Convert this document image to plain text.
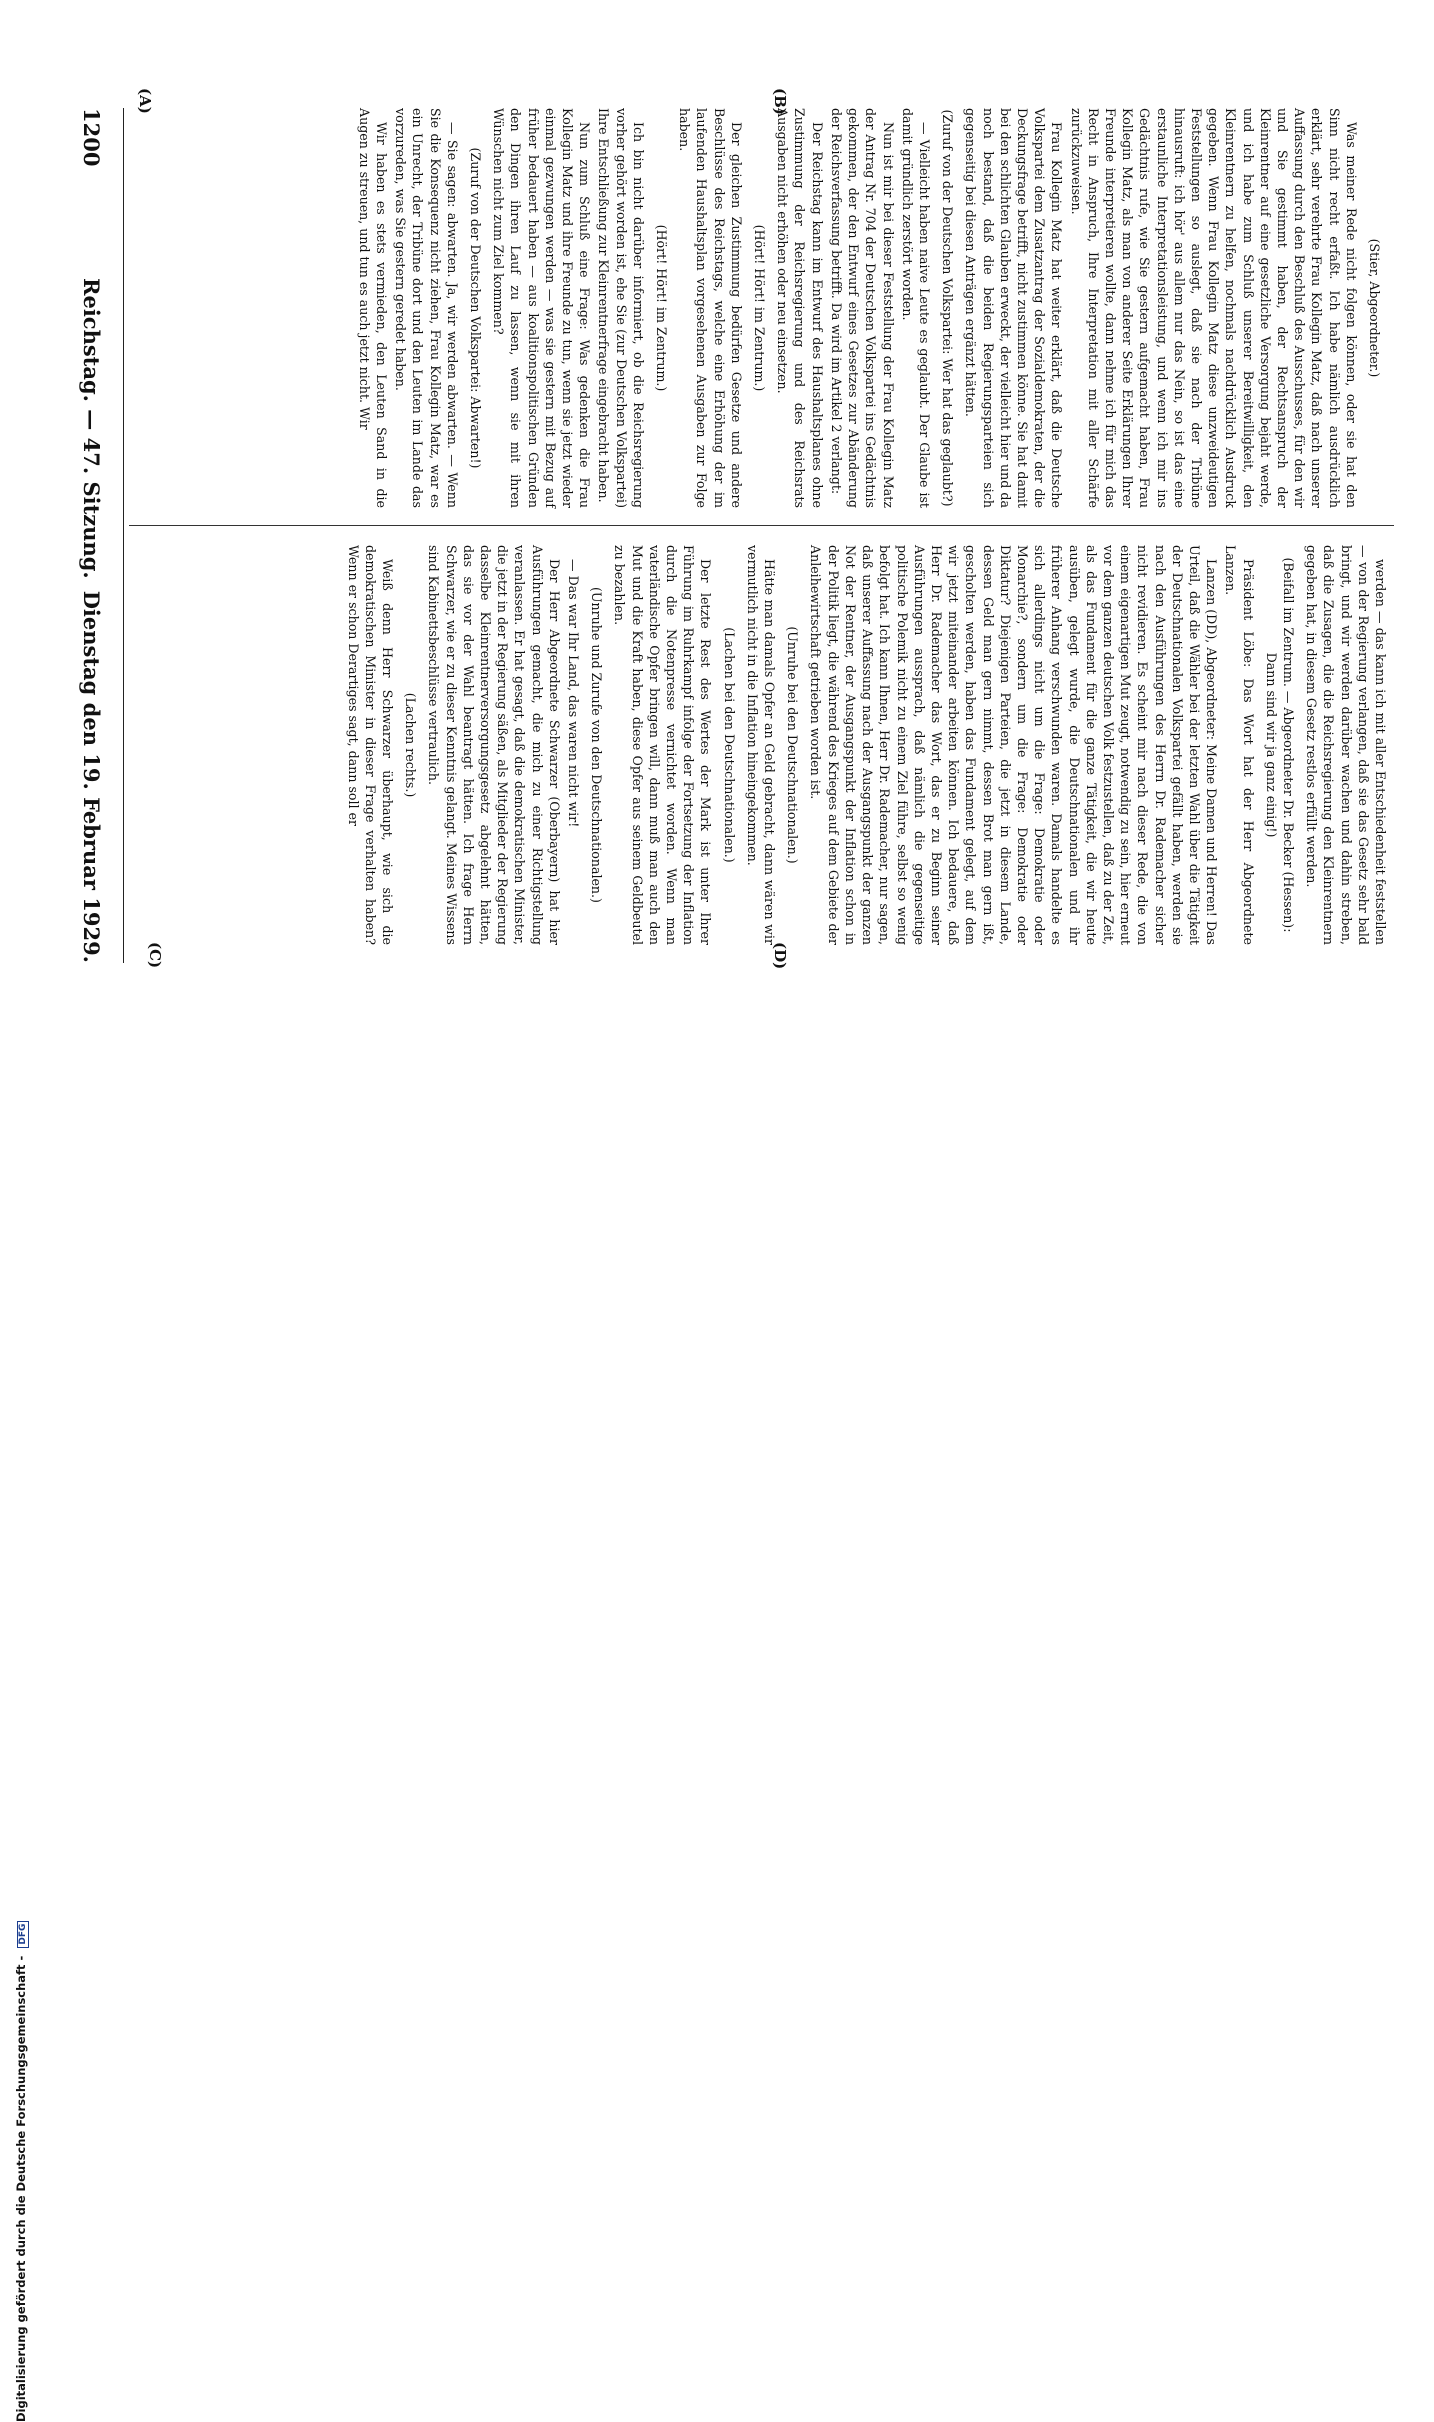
1200
Reichstag. — 47. Sitzung.
Dienstag den 19. Februar 1929.
(A)	(B)
(C)	(D)

(Stier, Abgeordneter.)

Was meiner Rede nicht folgen können, oder sie hat den Sinn nicht recht erfaßt. Ich habe nämlich ausdrücklich erklärt, sehr verehrte Frau Kollegin Matz, daß nach unserer Auffassung durch den Beschluß des Ausschusses, für den wir und Sie gestimmt haben, der Rechtsanspruch der Kleinrentner auf eine gesetzliche Versorgung bejaht werde, und ich habe zum Schluß unserer Bereitwilligkeit, den Kleinrentnern zu helfen, nochmals nachdrücklich Ausdruck gegeben. Wenn Frau Kollegin Matz diese unzweideutigen Feststellungen so auslegt, daß sie nach der Tribüne hinausruft: ich hör' aus allem nur das Nein, so ist das eine erstaunliche Interpretationsleistung, und wenn ich mir ins Gedächtnis rufe, wie Sie gestern aufgemacht haben, Frau Kollegin Matz, als man von anderer Seite Erklärungen Ihrer Freunde interpretieren wollte, dann nehme ich für mich das Recht in Anspruch, Ihre Interpretation mit aller Schärfe zurückzuweisen.

Frau Kollegin Matz hat weiter erklärt, daß die Deutsche Volkspartei dem Zusatzantrag der Sozialdemokraten, der die Deckungsfrage betrifft, nicht zustimmen könne. Sie hat damit bei den schlichten Glauben erweckt, der vielleicht hier und da noch bestand, daß die beiden Regierungsparteien sich gegenseitig bei diesen Anträgen ergänzt hätten.

(Zuruf von der Deutschen Volkspartei: Wer hat das geglaubt?)

— Vielleicht haben naive Leute es geglaubt. Der Glaube ist damit gründlich zerstört worden.

Nun ist mir bei dieser Feststellung der Frau Kollegin Matz der Antrag Nr. 704 der Deutschen Volkspartei ins Gedächtnis gekommen, der den Entwurf eines Gesetzes zur Abänderung der Reichsverfassung betrifft. Da wird im Artikel 2 verlangt:

Der Reichstag kann im Entwurf des Haushaltsplanes ohne Zustimmung der Reichsregierung und des Reichsrats Ausgaben nicht erhöhen oder neu einsetzen.

(Hört! Hört! im Zentrum.)

Der gleichen Zustimmung bedürfen Gesetze und andere Beschlüsse des Reichstags, welche eine Erhöhung der im laufenden Haushaltsplan vorgesehenen Ausgaben zur Folge haben.

(Hört! Hört! im Zentrum.)

Ich bin nicht darüber informiert, ob die Reichsregierung vorher gehört worden ist, ehe Sie (zur Deutschen Volkspartei) Ihre Entschließung zur Kleinrentnerfrage eingebracht haben.

Nun zum Schluß eine Frage: Was gedenken die Frau Kollegin Matz und ihre Freunde zu tun, wenn sie jetzt wieder einmal gezwungen werden — was sie gestern mit Bezug auf früher bedauert haben — aus koalitionspolitischen Gründen den Dingen ihren Lauf zu lassen, wenn sie mit ihren Wünschen nicht zum Ziel kommen?

(Zuruf von der Deutschen Volkspartei: Abwarten!)

— Sie sagen: abwarten. Ja, wir werden abwarten. — Wenn Sie die Konsequenz nicht ziehen, Frau Kollegin Matz, war es ein Unrecht, der Tribüne dort und den Leuten im Lande das vorzureden, was Sie gestern geredet haben.

Wir haben es stets vermieden, den Leuten Sand in die Augen zu streuen, und tun es auch jetzt nicht. Wir

werden — das kann ich mit aller Entschiedenheit feststellen — von der Regierung verlangen, daß sie das Gesetz sehr bald bringt, und wir werden darüber wachen und dahin streben, daß die Zusagen, die die Reichsregierung den Kleinrentnern gegeben hat, in diesem Gesetz restlos erfüllt werden.

(Beifall im Zentrum. — Abgeordneter Dr. Becker (Hessen): Dann sind wir ja ganz einig!)

Präsident Löbe: Das Wort hat der Herr Abgeordnete Lanzen.

Lanzen (DD), Abgeordneter: Meine Damen und Herren! Das Urteil, daß die Wähler bei der letzten Wahl über die Tätigkeit der Deutschnationalen Volkspartei gefällt haben, werden sie nach den Ausführungen des Herrn Dr. Rademacher sicher nicht revidieren. Es scheint mir nach dieser Rede, die von einem eigenartigen Mut zeugt, notwendig zu sein, hier erneut vor dem ganzen deutschen Volk festzustellen, daß zu der Zeit, als das Fundament für die ganze Tätigkeit, die wir heute ausüben, gelegt wurde, die Deutschnationalen und ihr früherer Anhang verschwunden waren. Damals handelte es sich allerdings nicht um die Frage: Demokratie oder Monarchie?, sondern um die Frage: Demokratie oder Diktatur? Diejenigen Parteien, die jetzt in diesem Lande, dessen Geld man gern nimmt, dessen Brot man gern ißt, gescholten werden, haben das Fundament gelegt, auf dem wir jetzt miteinander arbeiten können. Ich bedauere, daß Herr Dr. Rademacher das Wort, das er zu Beginn seiner Ausführungen aussprach, daß nämlich die gegenseitige politische Polemik nicht zu einem Ziel führe, selbst so wenig befolgt hat. Ich kann Ihnen, Herr Dr. Rademacher, nur sagen, daß unserer Auffassung nach der Ausgangspunkt der ganzen Not der Rentner, der Ausgangspunkt der Inflation schon in der Politik liegt, die während des Krieges auf dem Gebiete der Anleihewirtschaft getrieben worden ist.

(Unruhe bei den Deutschnationalen.)

Hätte man damals Opfer an Geld gebracht, dann wären wir vermutlich nicht in die Inflation hineingekommen.

(Lachen bei den Deutschnationalen.)

Der letzte Rest des Wertes der Mark ist unter Ihrer Führung im Ruhrkampf infolge der Fortsetzung der Inflation durch die Notenpresse vernichtet worden. Wenn man vaterländische Opfer bringen will, dann muß man auch den Mut und die Kraft haben, diese Opfer aus seinem Geldbeutel zu bezahlen.

(Unruhe und Zurufe von den Deutschnationalen.)

— Das war Ihr Land, das waren nicht wir!

Der Herr Abgeordnete Schwarzer (Oberbayern) hat hier Ausführungen gemacht, die mich zu einer Richtigstellung veranlassen. Er hat gesagt, daß die demokratischen Minister, die jetzt in der Regierung säßen, als Mitglieder der Regierung dasselbe Kleinrentnerversorgungsgesetz abgelehnt hätten, das sie vor der Wahl beantragt hätten. Ich frage Herrn Schwarzer, wie er zu dieser Kenntnis gelangt. Meines Wissens sind Kabinettsbeschlüsse vertraulich.

(Lachen rechts.)

Weiß denn Herr Schwarzer überhaupt, wie sich die demokratischen Minister in dieser Frage verhalten haben? Wenn er schon Derartiges sagt, dann soll er

Digitalisierung gefördert durch die Deutsche Forschungsgemeinschaft - DFG
